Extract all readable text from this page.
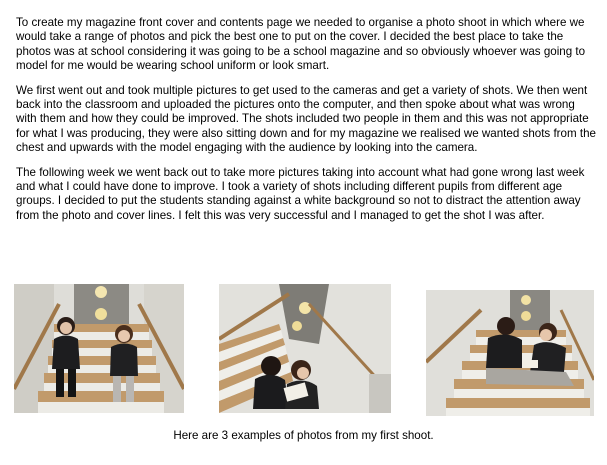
To create my magazine front cover and contents page we needed to organise a photo shoot in which where we would take a range of photos and pick the best one to put on the cover. I decided the best place to take the photos was at school considering it was going to be a school magazine and so obviously whoever was going to model for me would be wearing school uniform or look smart.

We first went out and took multiple pictures to get used to the cameras and get a variety of shots. We then went back into the classroom and uploaded the pictures onto the computer, and then spoke about what was wrong with them and how they could be improved. The shots included two people in them and this was not appropriate for what I was producing, they were also sitting down and for my magazine we realised we wanted shots from the chest and upwards with the model engaging with the audience by looking into the camera.

The following week we went back out to take more pictures taking into account what had gone wrong last week and what I could have done to improve. I took a variety of shots including different pupils from different age groups. I decided to put the students standing against a white background so not to distract the attention away from the photo and cover lines. I felt this was very successful and I managed to get the shot I was after.

Here are 3 examples of photos from my first shoot.
